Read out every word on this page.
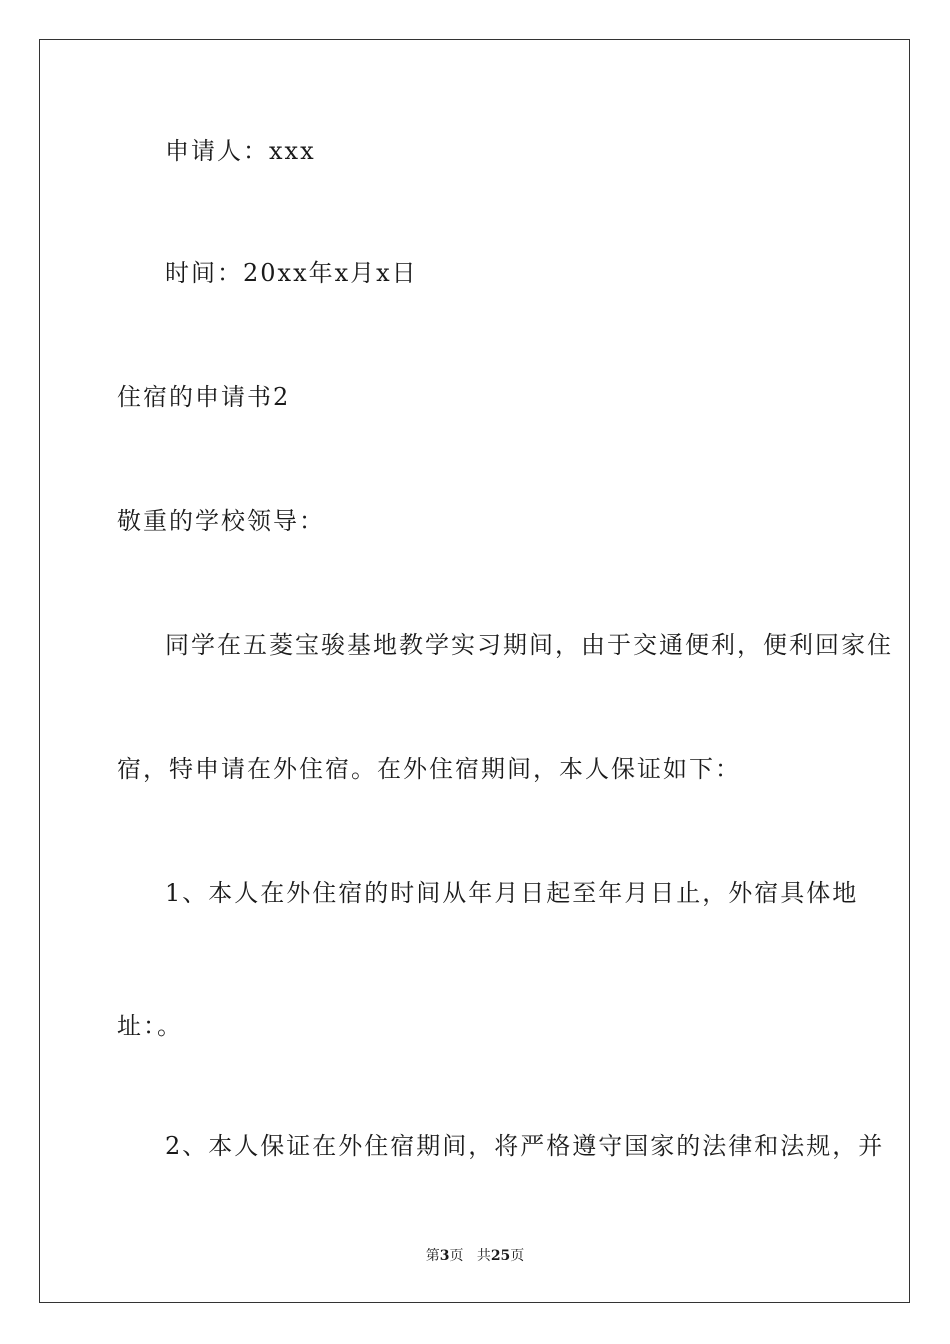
申请人：xxx
时间：20xx年x月x日
住宿的申请书2
敬重的学校领导：
同学在五菱宝骏基地教学实习期间，由于交通便利，便利回家住
宿，特申请在外住宿。在外住宿期间，本人保证如下：
1、本人在外住宿的时间从年月日起至年月日止，外宿具体地
址：。
2、本人保证在外住宿期间，将严格遵守国家的法律和法规，并
第3页 共25页
